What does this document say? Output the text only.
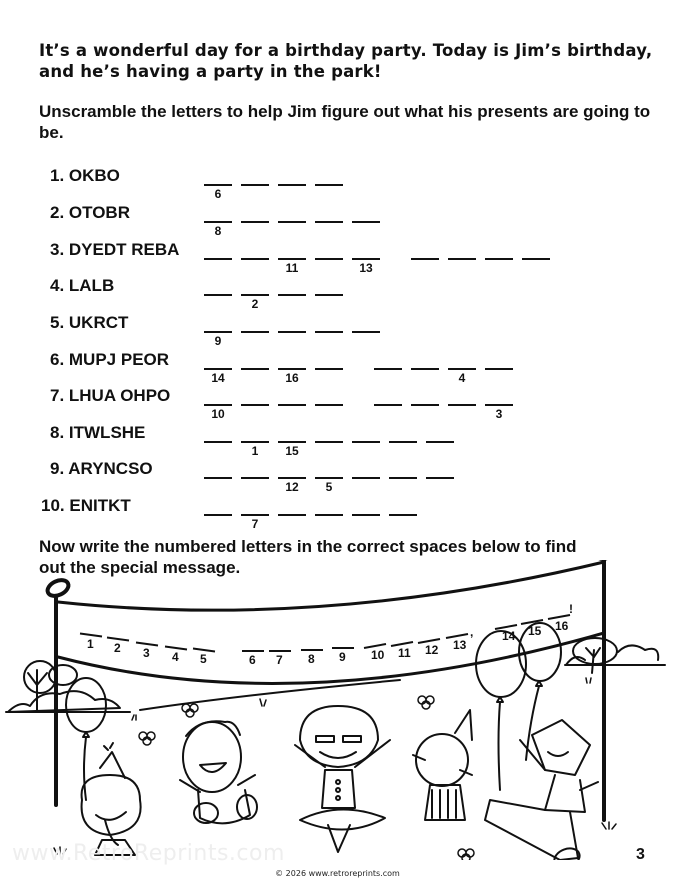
It’s a wonderful day for a birthday party. Today is Jim’s birthday, and he’s having a party in the park!

Unscramble the letters to help Jim figure out what his presents are going to be.

1. OKBO
6
2. OTOBR
8
3. DYEDT REBA
11	13
4. LALB
2
5. UKRCT
9
6. MUPJ PEOR
14	16	4
7. LHUA OHPO
10	3
8. ITWLSHE
1	15
9. ARYNCSO
12	5
10. ENITKT
7

Now write the numbered letters in the correct spaces below to find out the special message.

1 2 3 4 5	6 7 8 9 10 11 12 13
14 15 16
,
!
www.RetroReprints.com	3
© 2026 www.retroreprints.com
